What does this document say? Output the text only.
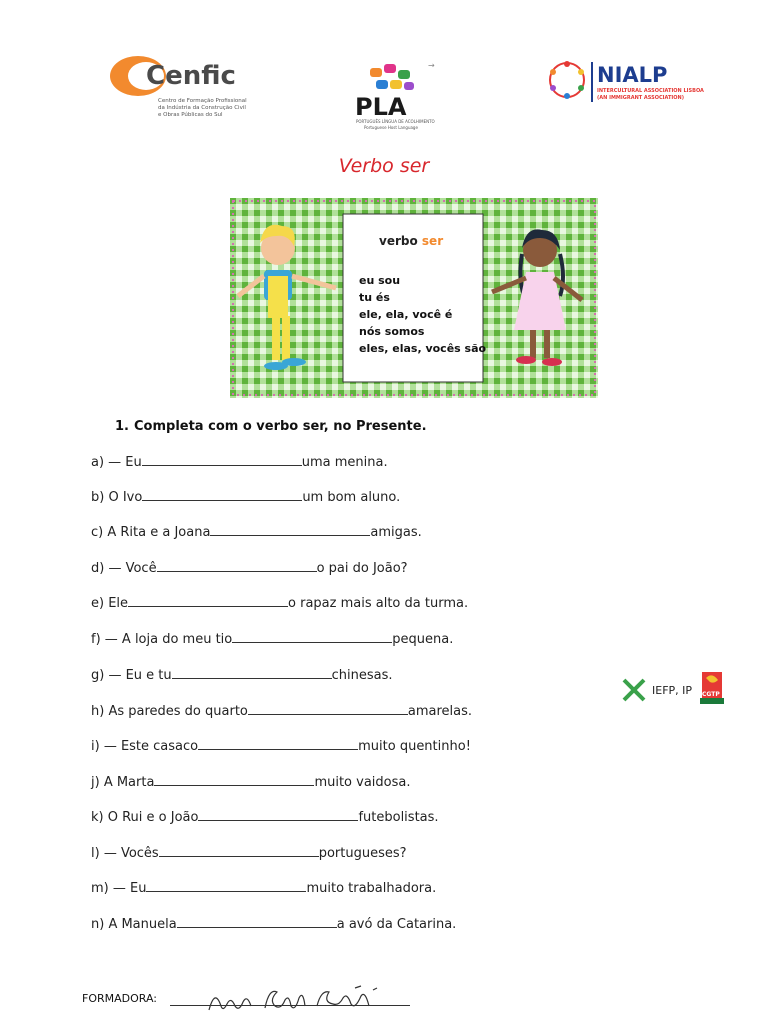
Cenfic
Centro de Formação Profissional
da Indústria da Construção Civil
e Obras Públicas do Sul
→
PLA
PORTUGUÊS LÍNGUA DE ACOLHIMENTO
Portuguese Host Language
NIALP
INTERCULTURAL ASSOCIATION LISBOA
(AN IMMIGRANT ASSOCIATION)
Verbo ser
verbo ser
eu sou
tu és
ele, ela, você é
nós somos
eles, elas, vocês são
1. Completa com o verbo ser, no Presente.
a) — Eu	uma menina.
b) O Ivo	um bom aluno.
c) A Rita e a Joana	amigas.
d) — Você	o pai do João?
e) Ele	o rapaz mais alto da turma.
f) — A loja do meu tio	pequena.
g) — Eu e tu	chinesas.
h) As paredes do quarto	amarelas.
i) — Este casaco	muito quentinho!
j) A Marta	muito vaidosa.
k) O Rui e o João	futebolistas.
l) — Vocês	portugueses?
m) — Eu	muito trabalhadora.
n) A Manuela	a avó da Catarina.
IEFP, IP CGTP
FORMADORA:
